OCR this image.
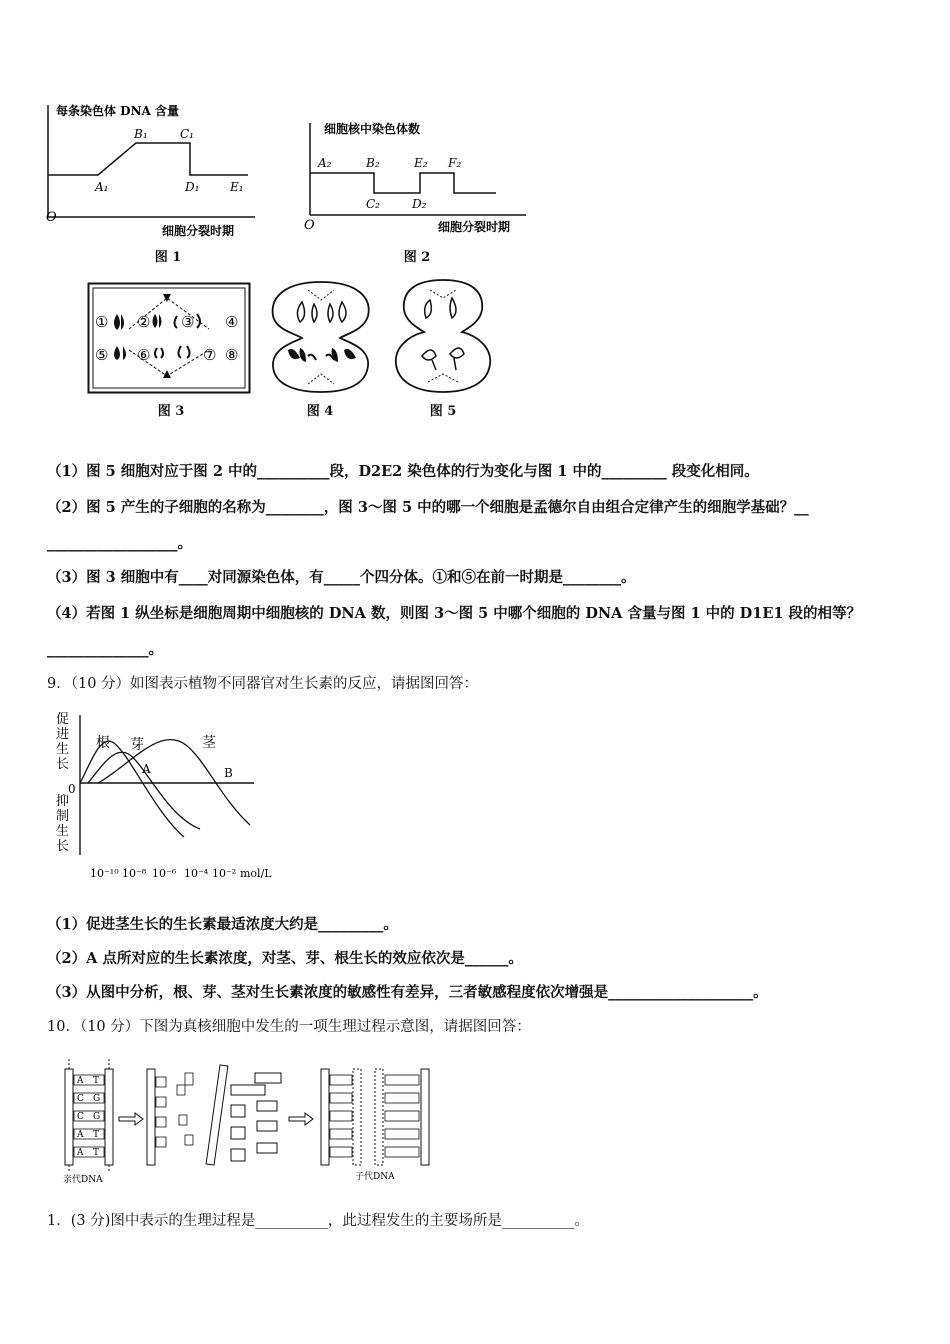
每条染色体 DNA 含量
O
细胞分裂时期
A₁
B₁	C₁
D₁	E₁
图 1
细胞核中染色体数
O	细胞分裂时期
A₂	B₂
C₂	D₂
E₂ F₂
图 2
① ② ③ ④
⑤ ⑥	⑦ ⑧
图 3	图 4	图 5
（1）图 5 细胞对应于图 2 中的__________段，D2E2 染色体的行为变化与图 1 中的_________ 段变化相同。
（2）图 5 产生的子细胞的名称为________，图 3～图 5 中的哪一个细胞是孟德尔自由组合定律产生的细胞学基础？__
__________________。
（3）图 3 细胞中有____对同源染色体，有_____个四分体。①和⑤在前一时期是________。
（4）若图 1 纵坐标是细胞周期中细胞核的 DNA 数，则图 3～图 5 中哪个细胞的 DNA 含量与图 1 中的 D1E1 段的相等？
______________。
9．（10 分）如图表示植物不同器官对生长素的反应，请据图回答：
促进生长
0
抑制生长
根 芽	茎
A	B
10⁻¹⁰ 10⁻⁸ 10⁻⁶ 10⁻⁴ 10⁻² mol/L
（1）促进茎生长的生长素最适浓度大约是_________。
（2）A 点所对应的生长素浓度，对茎、芽、根生长的效应依次是______。
（3）从图中分析，根、芽、茎对生长素浓度的敏感性有差异，三者敏感程度依次增强是____________________。
10．（10 分）下图为真核细胞中发生的一项生理过程示意图，请据图回答：
A
C
C
A
A
T
G
G
T
T
亲代DNA	子代DNA
1．(3 分)图中表示的生理过程是__________，此过程发生的主要场所是__________。
